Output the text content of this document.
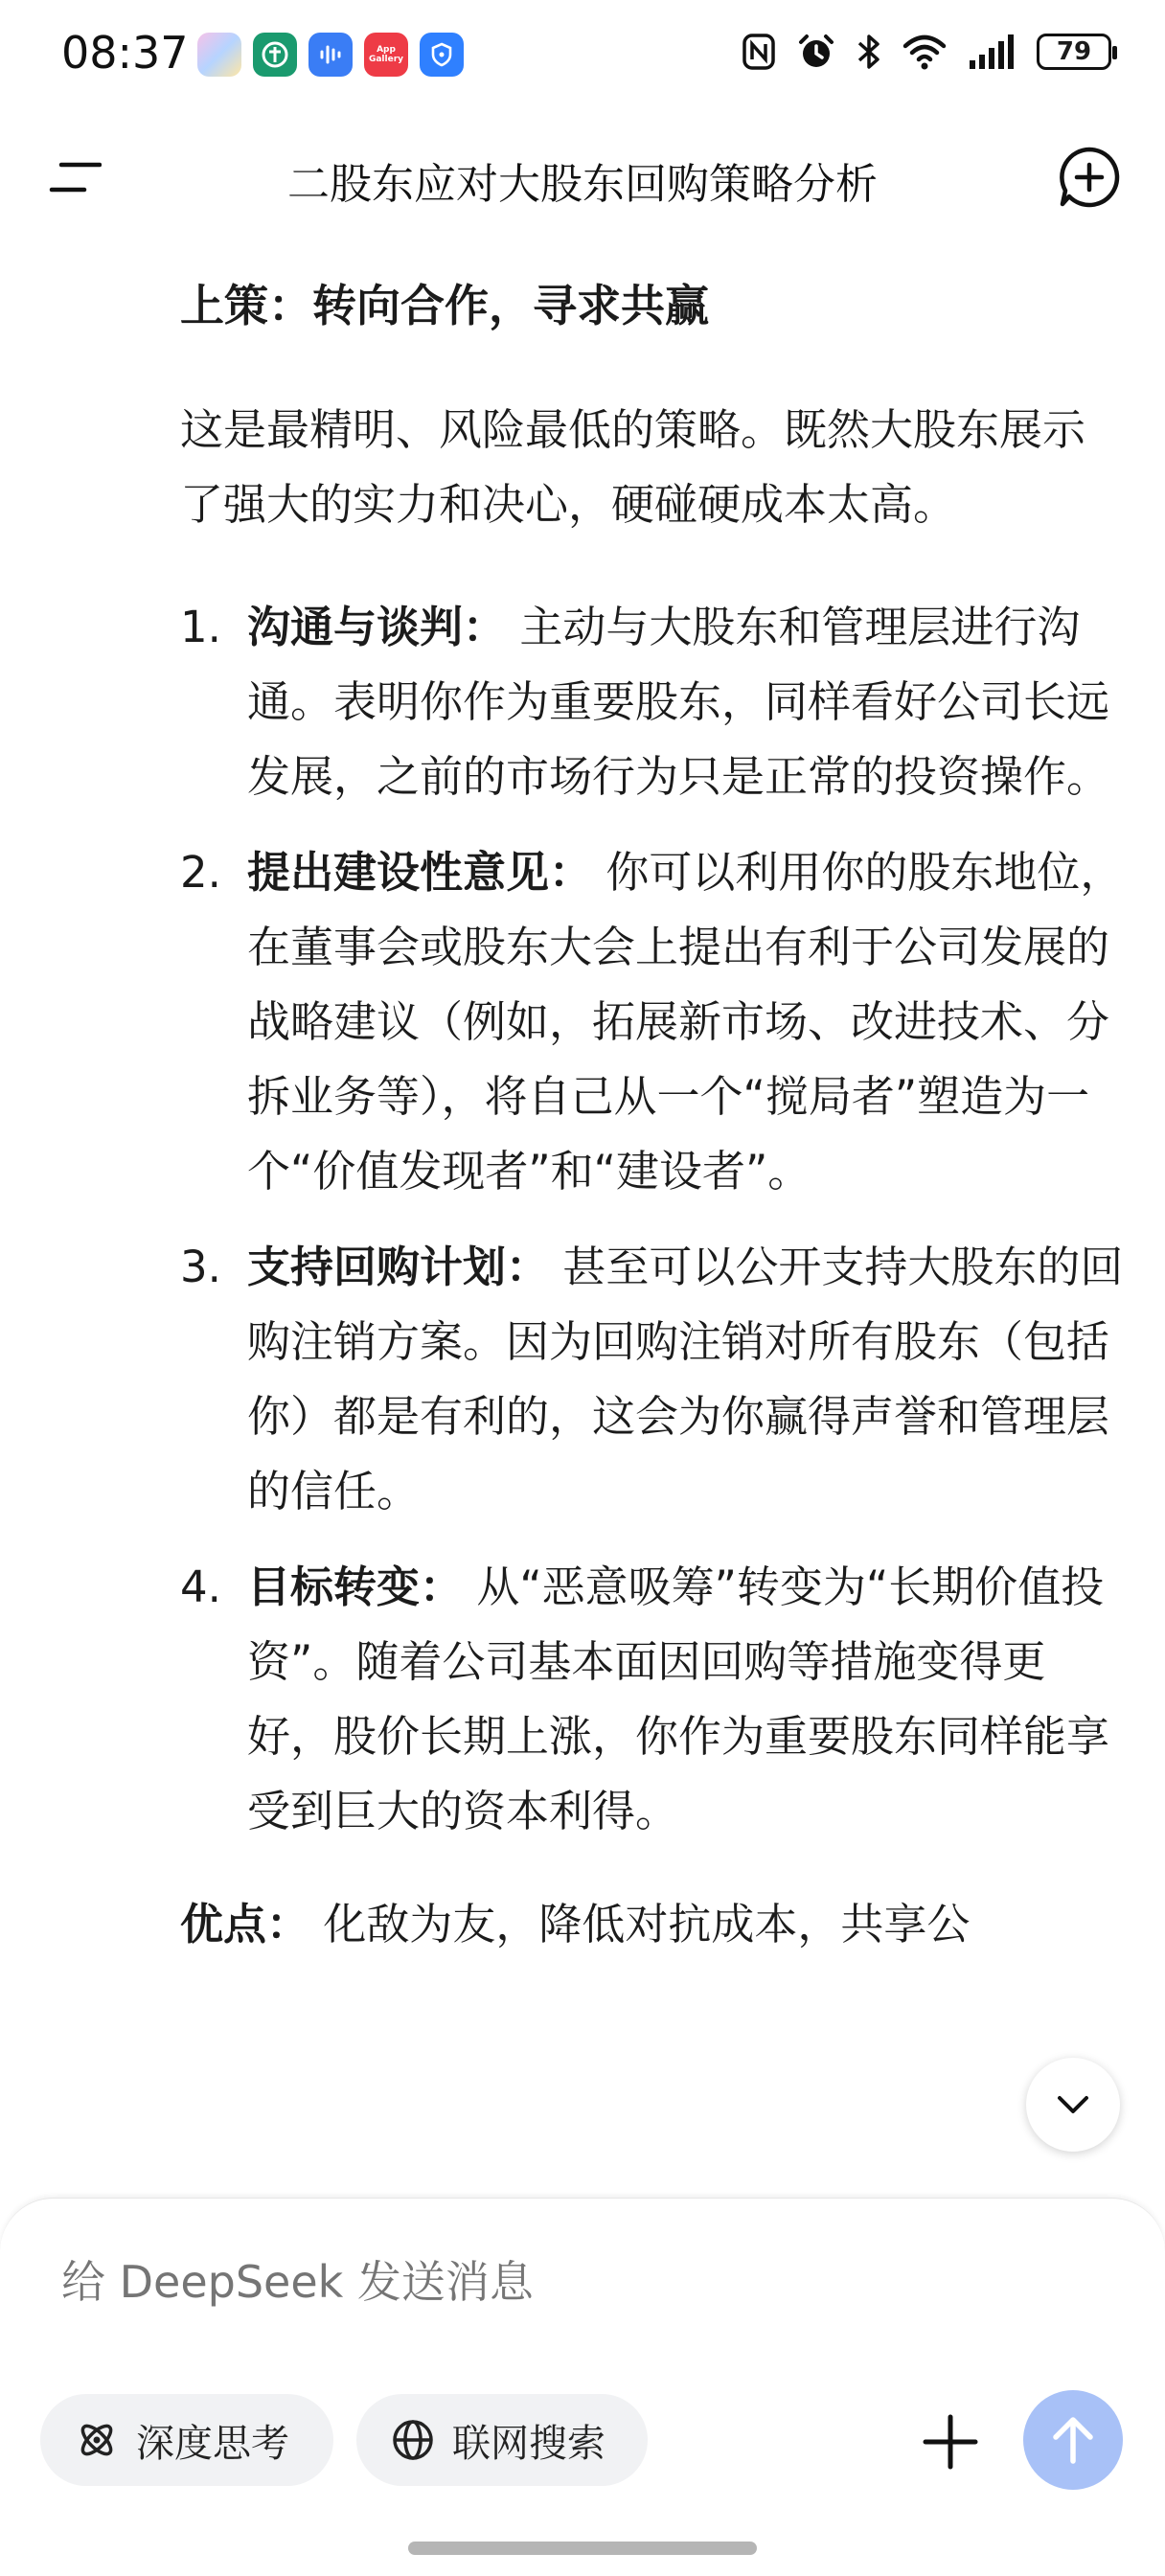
08:37	App Gallery	79
二股东应对大股东回购策略分析

上策：转向合作，寻求共赢

这是最精明、风险最低的策略。既然大股东展示了强大的实力和决心，硬碰硬成本太高。

1. 沟通与谈判： 主动与大股东和管理层进行沟通。表明你作为重要股东，同样看好公司长远发展，之前的市场行为只是正常的投资操作。
2. 提出建设性意见： 你可以利用你的股东地位，在董事会或股东大会上提出有利于公司发展的战略建议（例如，拓展新市场、改进技术、分拆业务等），将自己从一个“搅局者”塑造为一个“价值发现者”和“建设者”。
3. 支持回购计划： 甚至可以公开支持大股东的回购注销方案。因为回购注销对所有股东（包括你）都是有利的，这会为你赢得声誉和管理层的信任。
4. 目标转变： 从“恶意吸筹”转变为“长期价值投资”。随着公司基本面因回购等措施变得更好，股价长期上涨，你作为重要股东同样能享受到巨大的资本利得。
优点： 化敌为友，降低对抗成本，共享公
给 DeepSeek 发送消息
深度思考	联网搜索
